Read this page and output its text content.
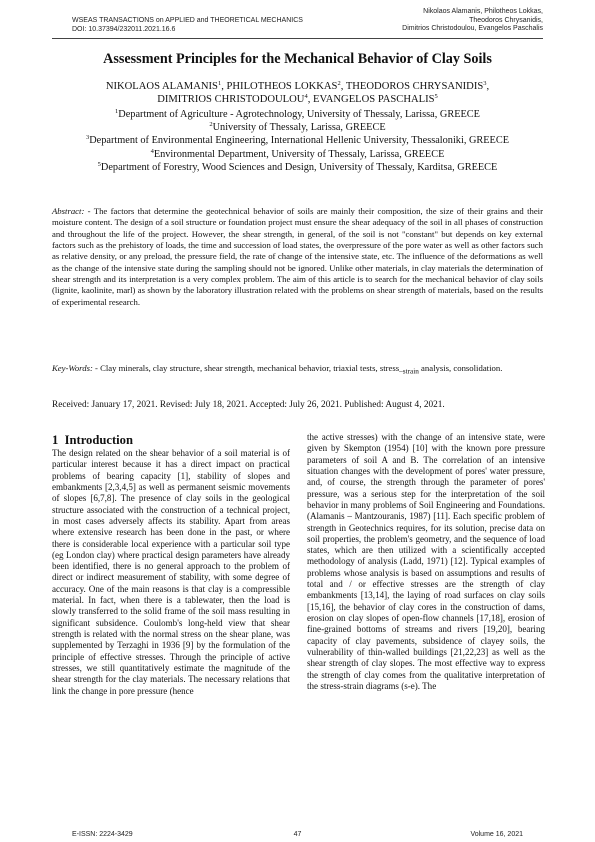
WSEAS TRANSACTIONS on APPLIED and THEORETICAL MECHANICS
DOI: 10.37394/232011.2021.16.6
Nikolaos Alamanis, Philotheos Lokkas,
Theodoros Chrysanidis,
Dimitrios Christodoulou, Evangelos Paschalis
Assessment Principles for the Mechanical Behavior of Clay Soils
NIKOLAOS ALAMANIS$^1$, PHILOTHEOS LOKKAS$^2$, THEODOROS CHRYSANIDIS$^3$,
DIMITRIOS CHRISTODOULOU$^4$, EVANGELOS PASCHALIS$^5$
$^1$Department of Agriculture - Agrotechnology, University of Thessaly, Larissa, GREECE
$^2$University of Thessaly, Larissa, GREECE
$^3$Department of Environmental Engineering, International Hellenic University, Thessaloniki, GREECE
$^4$Environmental Department, University of Thessaly, Larissa, GREECE
$^5$Department of Forestry, Wood Sciences and Design, University of Thessaly, Karditsa, GREECE
Abstract: - The factors that determine the geotechnical behavior of soils are mainly their composition, the size of their grains and their moisture content. The design of a soil structure or foundation project must ensure the shear adequacy of the soil in all phases of construction and throughout the life of the project. However, the shear strength, in general, of the soil is not "constant" but depends on key external factors such as the prehistory of loads, the time and succession of load states, the overpressure of the pore water as well as other factors such as relative density, or any preload, the pressure field, the rate of change of the intensive state, etc. The influence of the deformations as well as the change of the intensive state during the sampling should not be ignored. Unlike other materials, in clay materials the determination of shear strength and its interpretation is a very complex problem. The aim of this article is to search for the mechanical behavior of clay soils (lignite, kaolinite, marl) as shown by the laboratory illustration related with the problems on shear strength of materials, based on the results of experimental research.
Key-Words: - Clay minerals, clay structure, shear strength, mechanical behavior, triaxial tests, stress$_{-strain}$ analysis, consolidation.
Received: January 17, 2021. Revised: July 18, 2021. Accepted: July 26, 2021. Published: August 4, 2021.
1 Introduction
The design related on the shear behavior of a soil material is of particular interest because it has a direct impact on practical problems of bearing capacity [1], stability of slopes and embankments [2,3,4,5] as well as permanent seismic movements of slopes [6,7,8]. The presence of clay soils in the geological structure associated with the construction of a technical project, in most cases adversely affects its stability. Apart from areas where extensive research has been done in the past, or where there is considerable local experience with a particular soil type (eg London clay) where practical design parameters have already been identified, there is no general approach to the problem of direct or indirect measurement of stability, with some degree of accuracy. One of the main reasons is that clay is a compressible material. In fact, when there is a tablewater, then the load is slowly transferred to the solid frame of the soil mass resulting in significant subsidence. Coulomb's long-held view that shear strength is related with the normal stress on the shear plane, was supplemented by Terzaghi in 1936 [9] by the formulation of the principle of effective stresses. Through the principle of active stresses, we still quantitatively estimate the magnitude of the shear strength for the clay materials. The necessary relations that link the change in pore pressure (hence
the active stresses) with the change of an intensive state, were given by Skempton (1954) [10] with the known pore pressure parameters of soil A and B. The correlation of an intensive situation changes with the development of pores' water pressure, and, of course, the strength through the parameter of pores' pressure, was a serious step for the interpretation of the soil behavior in many problems of Soil Engineering and Foundations. (Alamanis – Mantzouranis, 1987) [11]. Each specific problem of strength in Geotechnics requires, for its solution, precise data on soil properties, the problem's geometry, and the sequence of load states, which are then utilized with a scientifically accepted methodology of analysis (Ladd, 1971) [12]. Typical examples of problems whose analysis is based on assumptions and results of total and / or effective stresses are the strength of clay embankments [13,14], the laying of road surfaces on clay soils [15,16], the behavior of clay cores in the construction of dams, erosion on clay slopes of open-flow channels [17,18], erosion of fine-grained bottoms of streams and rivers [19,20], bearing capacity of clay pavements, subsidence of clayey soils, the vulnerability of thin-walled buildings [21,22,23] as well as the shear strength of clay slopes. The most effective way to express the strength of clay comes from the qualitative interpretation of the stress-strain diagrams (s-e). The
E-ISSN: 2224-3429	47	Volume 16, 2021
